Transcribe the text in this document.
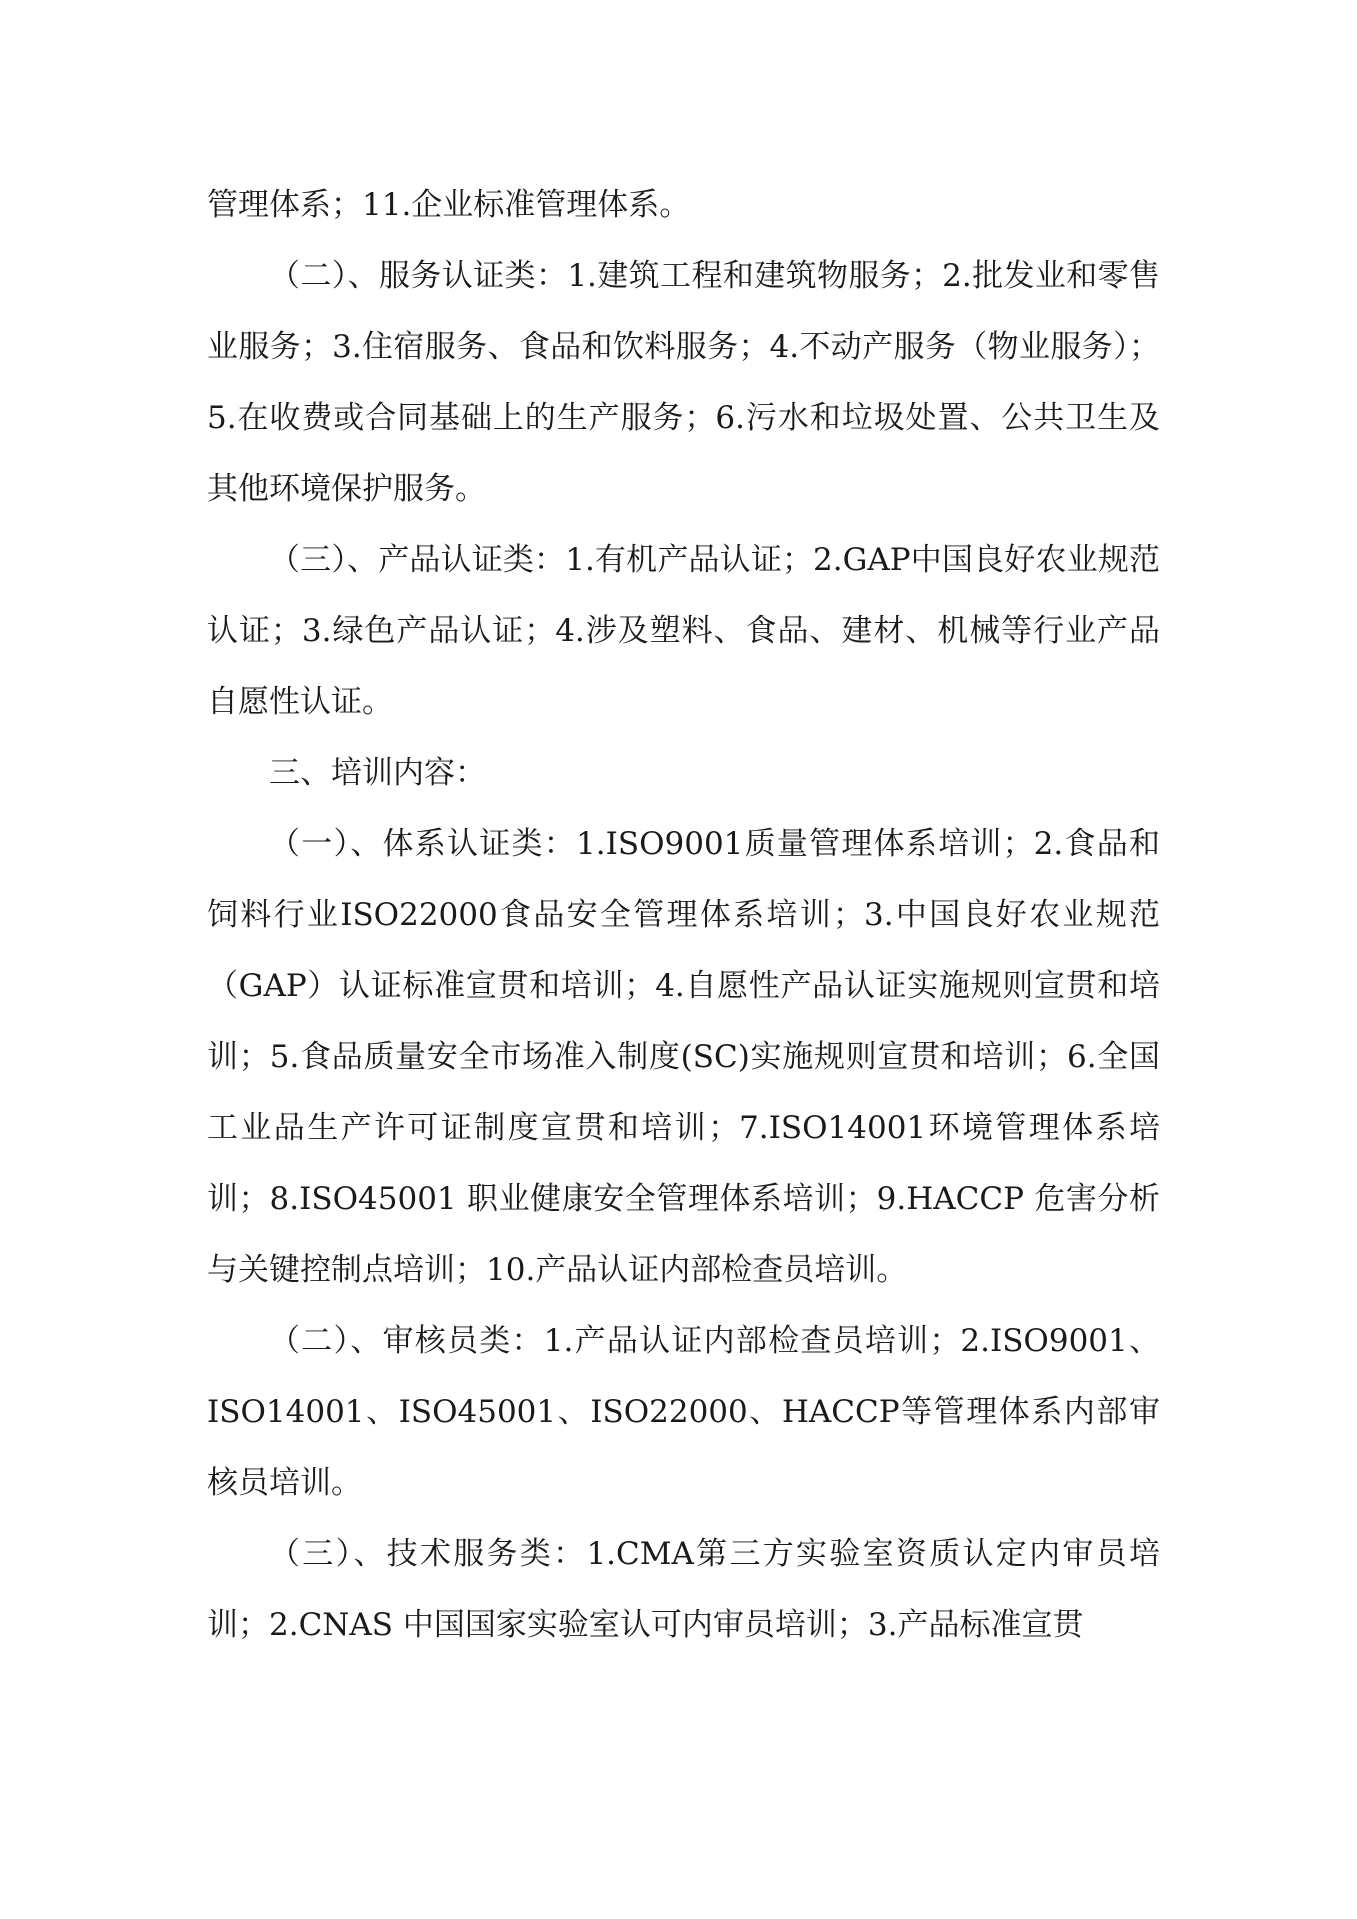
管理体系；11.企业标准管理体系。

（二）、服务认证类：1.建筑工程和建筑物服务；2.批发业和零售业服务；3.住宿服务、食品和饮料服务；4.不动产服务（物业服务）；5.在收费或合同基础上的生产服务；6.污水和垃圾处置、公共卫生及其他环境保护服务。

（三）、产品认证类：1.有机产品认证；2.GAP中国良好农业规范认证；3.绿色产品认证；4.涉及塑料、食品、建材、机械等行业产品自愿性认证。

三、培训内容：

（一）、体系认证类：1.ISO9001质量管理体系培训；2.食品和饲料行业ISO22000食品安全管理体系培训；3.中国良好农业规范（GAP）认证标准宣贯和培训；4.自愿性产品认证实施规则宣贯和培训；5.食品质量安全市场准入制度(SC)实施规则宣贯和培训；6.全国工业品生产许可证制度宣贯和培训；7.ISO14001环境管理体系培训；8.ISO45001 职业健康安全管理体系培训；9.HACCP 危害分析与关键控制点培训；10.产品认证内部检查员培训。

（二）、审核员类：1.产品认证内部检查员培训；2.ISO9001、ISO14001、ISO45001、ISO22000、HACCP等管理体系内部审核员培训。

（三）、技术服务类：1.CMA第三方实验室资质认定内审员培训；2.CNAS 中国国家实验室认可内审员培训；3.产品标准宣贯
